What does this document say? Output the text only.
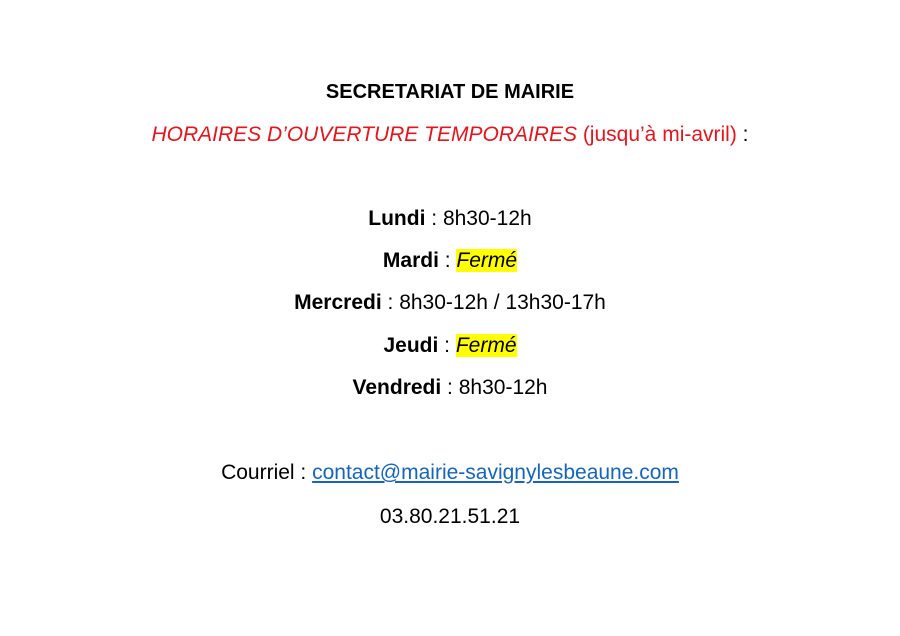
SECRETARIAT DE MAIRIE
HORAIRES D’OUVERTURE TEMPORAIRES (jusqu’à mi-avril) :
Lundi : 8h30-12h
Mardi : Fermé
Mercredi : 8h30-12h / 13h30-17h
Jeudi : Fermé
Vendredi : 8h30-12h
Courriel : contact@mairie-savignylesbeaune.com
03.80.21.51.21
